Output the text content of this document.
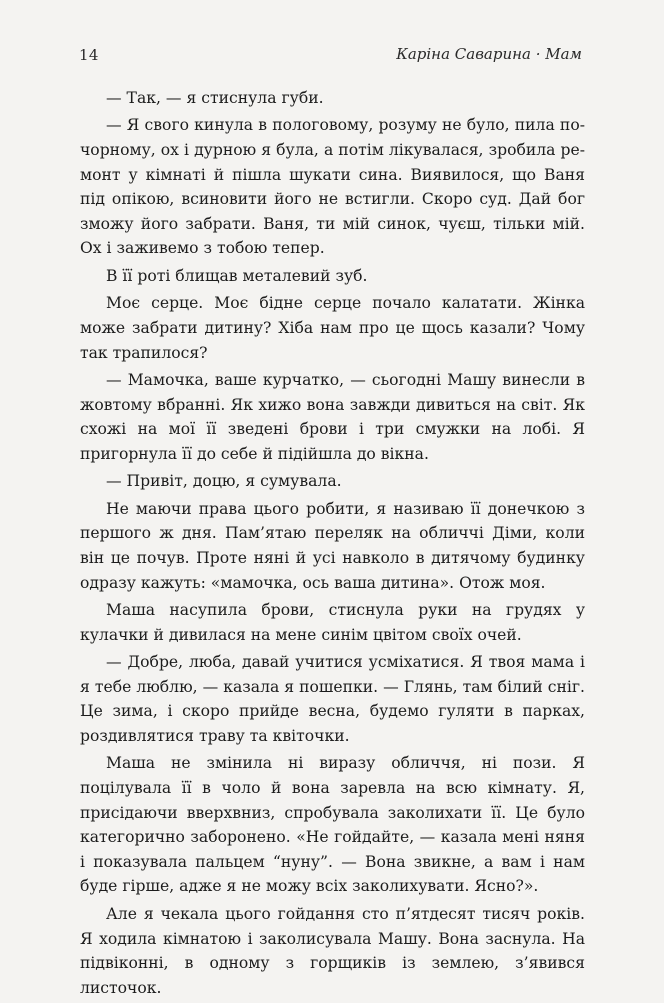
14	Каріна Саварина · Мам

— Так, — я стиснула губи.

— Я свого кинула в пологовому, розуму не було, пила почорному, ох і дурною я була, а потім лікувалася, зробила ремонт у кімнаті й пішла шукати сина. Виявилося, що Ваня під опікою, всиновити його не встигли. Скоро суд. Дай бог зможу його забрати. Ваня, ти мій синок, чуєш, тільки мій. Ох і заживемо з тобою тепер.

В її роті блищав металевий зуб.

Моє серце. Моє бідне серце почало калатати. Жінка може забрати дитину? Хіба нам про це щось казали? Чому так трапилося?

— Мамочка, ваше курчатко, — сьогодні Машу винесли в жовтому вбранні. Як хижо вона завжди дивиться на світ. Як схожі на мої її зведені брови і три смужки на лобі. Я пригорнула її до себе й підійшла до вікна.

— Привіт, доцю, я сумувала.

Не маючи права цього робити, я називаю її донечкою з першого ж дня. Пам’ятаю переляк на обличчі Діми, коли він це почув. Проте няні й усі навколо в дитячому будинку одразу кажуть: «мамочка, ось ваша дитина». Отож моя.

Маша насупила брови, стиснула руки на грудях у кулачки й дивилася на мене синім цвітом своїх очей.

— Добре, люба, давай учитися усміхатися. Я твоя мама і я тебе люблю, — казала я пошепки. — Глянь, там білий сніг. Це зима, і скоро прийде весна, будемо гуляти в парках, роздивлятися траву та квіточки.

Маша не змінила ні виразу обличчя, ні пози. Я поцілувала її в чоло й вона заревла на всю кімнату. Я, присідаючи вверхвниз, спробувала заколихати її. Це було категорично заборонено. «Не гойдайте, — казала мені няня і показувала пальцем “нуну”. — Вона звикне, а вам і нам буде гірше, адже я не можу всіх заколихувати. Ясно?».

Але я чекала цього гойдання сто п’ятдесят тисяч років. Я ходила кімнатою і заколисувала Машу. Вона заснула. На підвіконні, в одному з горщиків із землею, з’явився листочок.
